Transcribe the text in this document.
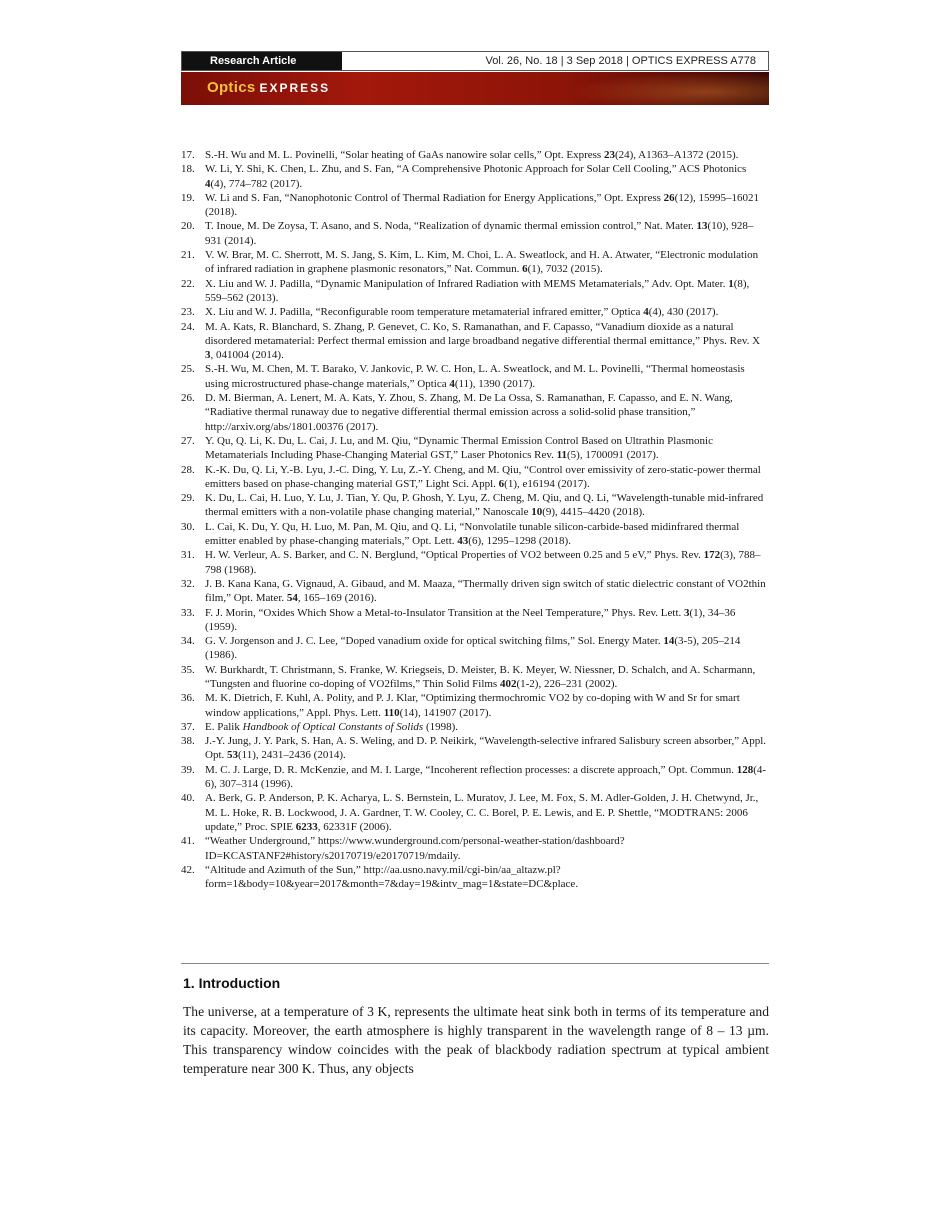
Research Article	Vol. 26, No. 18 | 3 Sep 2018 | OPTICS EXPRESS A778
Optics EXPRESS
17. S.-H. Wu and M. L. Povinelli, “Solar heating of GaAs nanowire solar cells,” Opt. Express 23(24), A1363–A1372 (2015).
18. W. Li, Y. Shi, K. Chen, L. Zhu, and S. Fan, “A Comprehensive Photonic Approach for Solar Cell Cooling,” ACS Photonics 4(4), 774–782 (2017).
19. W. Li and S. Fan, “Nanophotonic Control of Thermal Radiation for Energy Applications,” Opt. Express 26(12), 15995–16021 (2018).
20. T. Inoue, M. De Zoysa, T. Asano, and S. Noda, “Realization of dynamic thermal emission control,” Nat. Mater. 13(10), 928–931 (2014).
21. V. W. Brar, M. C. Sherrott, M. S. Jang, S. Kim, L. Kim, M. Choi, L. A. Sweatlock, and H. A. Atwater, “Electronic modulation of infrared radiation in graphene plasmonic resonators,” Nat. Commun. 6(1), 7032 (2015).
22. X. Liu and W. J. Padilla, “Dynamic Manipulation of Infrared Radiation with MEMS Metamaterials,” Adv. Opt. Mater. 1(8), 559–562 (2013).
23. X. Liu and W. J. Padilla, “Reconfigurable room temperature metamaterial infrared emitter,” Optica 4(4), 430 (2017).
24. M. A. Kats, R. Blanchard, S. Zhang, P. Genevet, C. Ko, S. Ramanathan, and F. Capasso, “Vanadium dioxide as a natural disordered metamaterial: Perfect thermal emission and large broadband negative differential thermal emittance,” Phys. Rev. X 3, 041004 (2014).
25. S.-H. Wu, M. Chen, M. T. Barako, V. Jankovic, P. W. C. Hon, L. A. Sweatlock, and M. L. Povinelli, “Thermal homeostasis using microstructured phase-change materials,” Optica 4(11), 1390 (2017).
26. D. M. Bierman, A. Lenert, M. A. Kats, Y. Zhou, S. Zhang, M. De La Ossa, S. Ramanathan, F. Capasso, and E. N. Wang, “Radiative thermal runaway due to negative differential thermal emission across a solid-solid phase transition,” http://arxiv.org/abs/1801.00376 (2017).
27. Y. Qu, Q. Li, K. Du, L. Cai, J. Lu, and M. Qiu, “Dynamic Thermal Emission Control Based on Ultrathin Plasmonic Metamaterials Including Phase-Changing Material GST,” Laser Photonics Rev. 11(5), 1700091 (2017).
28. K.-K. Du, Q. Li, Y.-B. Lyu, J.-C. Ding, Y. Lu, Z.-Y. Cheng, and M. Qiu, “Control over emissivity of zero-static-power thermal emitters based on phase-changing material GST,” Light Sci. Appl. 6(1), e16194 (2017).
29. K. Du, L. Cai, H. Luo, Y. Lu, J. Tian, Y. Qu, P. Ghosh, Y. Lyu, Z. Cheng, M. Qiu, and Q. Li, “Wavelength-tunable mid-infrared thermal emitters with a non-volatile phase changing material,” Nanoscale 10(9), 4415–4420 (2018).
30. L. Cai, K. Du, Y. Qu, H. Luo, M. Pan, M. Qiu, and Q. Li, “Nonvolatile tunable silicon-carbide-based midinfrared thermal emitter enabled by phase-changing materials,” Opt. Lett. 43(6), 1295–1298 (2018).
31. H. W. Verleur, A. S. Barker, and C. N. Berglund, “Optical Properties of VO2 between 0.25 and 5 eV,” Phys. Rev. 172(3), 788–798 (1968).
32. J. B. Kana Kana, G. Vignaud, A. Gibaud, and M. Maaza, “Thermally driven sign switch of static dielectric constant of VO2thin film,” Opt. Mater. 54, 165–169 (2016).
33. F. J. Morin, “Oxides Which Show a Metal-to-Insulator Transition at the Neel Temperature,” Phys. Rev. Lett. 3(1), 34–36 (1959).
34. G. V. Jorgenson and J. C. Lee, “Doped vanadium oxide for optical switching films,” Sol. Energy Mater. 14(3-5), 205–214 (1986).
35. W. Burkhardt, T. Christmann, S. Franke, W. Kriegseis, D. Meister, B. K. Meyer, W. Niessner, D. Schalch, and A. Scharmann, “Tungsten and fluorine co-doping of VO2films,” Thin Solid Films 402(1-2), 226–231 (2002).
36. M. K. Dietrich, F. Kuhl, A. Polity, and P. J. Klar, “Optimizing thermochromic VO2 by co-doping with W and Sr for smart window applications,” Appl. Phys. Lett. 110(14), 141907 (2017).
37. E. Palik Handbook of Optical Constants of Solids (1998).
38. J.-Y. Jung, J. Y. Park, S. Han, A. S. Weling, and D. P. Neikirk, “Wavelength-selective infrared Salisbury screen absorber,” Appl. Opt. 53(11), 2431–2436 (2014).
39. M. C. J. Large, D. R. McKenzie, and M. I. Large, “Incoherent reflection processes: a discrete approach,” Opt. Commun. 128(4-6), 307–314 (1996).
40. A. Berk, G. P. Anderson, P. K. Acharya, L. S. Bernstein, L. Muratov, J. Lee, M. Fox, S. M. Adler-Golden, J. H. Chetwynd, Jr., M. L. Hoke, R. B. Lockwood, J. A. Gardner, T. W. Cooley, C. C. Borel, P. E. Lewis, and E. P. Shettle, “MODTRAN5: 2006 update,” Proc. SPIE 6233, 62331F (2006).
41. “Weather Underground,” https://www.wunderground.com/personal-weather-station/dashboard?ID=KCASTANF2#history/s20170719/e20170719/mdaily.
42. “Altitude and Azimuth of the Sun,” http://aa.usno.navy.mil/cgi-bin/aa_altazw.pl?form=1&body=10&year=2017&month=7&day=19&intv_mag=1&state=DC&place.
1. Introduction

The universe, at a temperature of 3 K, represents the ultimate heat sink both in terms of its temperature and its capacity. Moreover, the earth atmosphere is highly transparent in the wavelength range of 8 – 13 µm. This transparency window coincides with the peak of blackbody radiation spectrum at typical ambient temperature near 300 K. Thus, any objects
